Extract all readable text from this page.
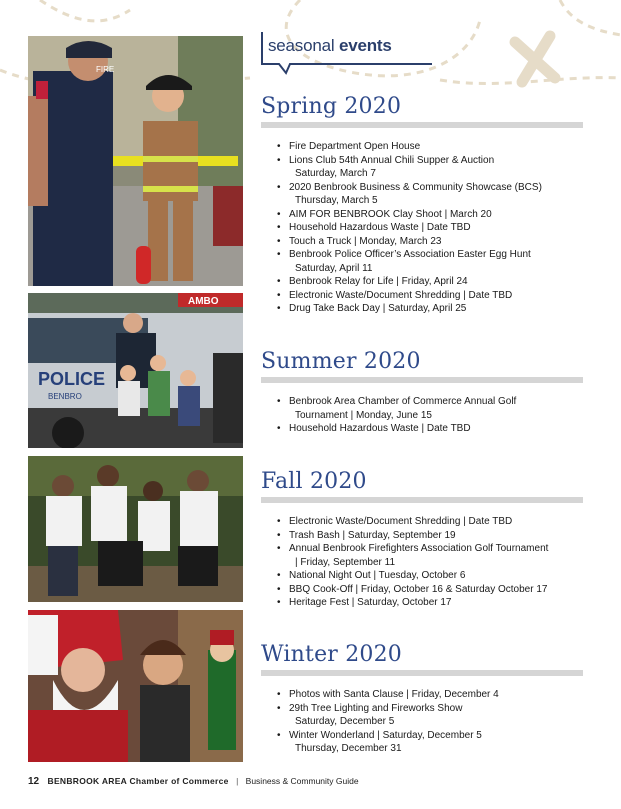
seasonal events
FIRE
AMBO
POLICE
BENBRO
Spring 2020
• Fire Department Open House
• Lions Club 54th Annual Chili Supper & Auction
Saturday, March 7
• 2020 Benbrook Business & Community Showcase (BCS)
Thursday, March 5
• AIM FOR BENBROOK Clay Shoot | March 20
• Household Hazardous Waste | Date TBD
• Touch a Truck | Monday, March 23
• Benbrook Police Officer’s Association Easter Egg Hunt
Saturday, April 11
• Benbrook Relay for Life | Friday, April 24
• Electronic Waste/Document Shredding | Date TBD
• Drug Take Back Day | Saturday, April 25
Summer 2020
• Benbrook Area Chamber of Commerce Annual Golf
Tournament | Monday, June 15
• Household Hazardous Waste | Date TBD
Fall 2020
• Electronic Waste/Document Shredding | Date TBD
• Trash Bash | Saturday, September 19
• Annual Benbrook Firefighters Association Golf Tournament
| Friday, September 11
• National Night Out | Tuesday, October 6
• BBQ Cook-Off | Friday, October 16 & Saturday October 17
• Heritage Fest | Saturday, October 17
Winter 2020
• Photos with Santa Clause | Friday, December 4
• 29th Tree Lighting and Fireworks Show
Saturday, December 5
• Winter Wonderland | Saturday, December 5
Thursday, December 31
12 BENBROOK AREA Chamber of Commerce | Business & Community Guide
